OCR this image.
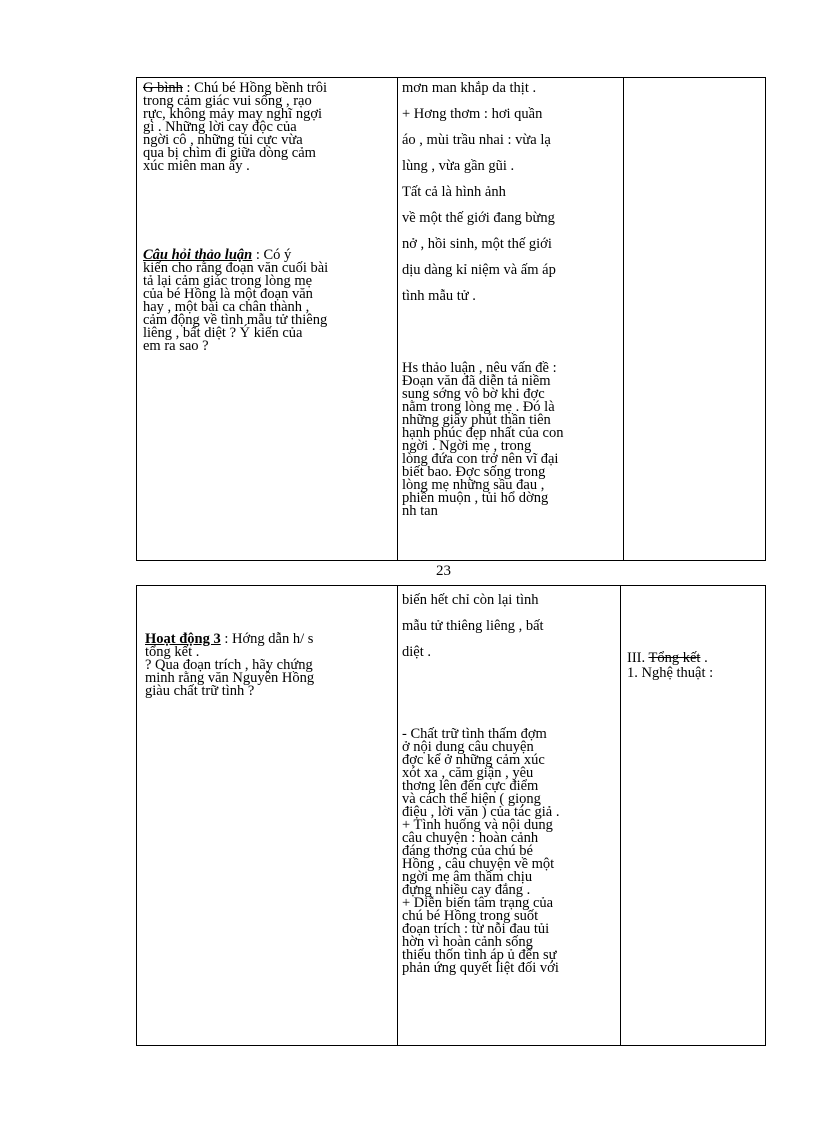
G bình : Chú bé Hồng bềnh trôi
trong cảm giác vui sống , rạo
rực, không mảy may nghĩ ngợi
gì . Những lời cay độc của
ngời cô , những tủi cực vừa
qua bị chìm đi giữa dòng cảm
xúc miên man ấy .
Câu hỏi thảo luận : Có ý
kiến cho rằng đoạn văn cuối bài
tả lại cảm giác trong lòng mẹ
của bé Hồng là một đoạn văn
hay , một bài ca chân thành ,
cảm động về tình mẫu tử thiêng
liêng , bất diệt ? Ý kiến của
em ra sao ?
mơn man khắp da thịt .
+ Hơng thơm : hơi quần
áo , mùi trầu nhai : vừa lạ
lùng , vừa gần gũi .
Tất cả là hình ảnh
về một thế giới đang bừng
nở , hồi sinh, một thế giới
dịu dàng kỉ niệm và ấm áp
tình mẫu tử .
Hs thảo luận , nêu vấn đề :
Đoạn văn đã diễn tả niềm
sung sớng vô bờ khi đợc
nằm trong lòng mẹ . Đó là
những giây phút thần tiên
hạnh phúc đẹp nhất của con
ngời . Ngời mẹ , trong
lòng đứa con trở nên vĩ đại
biết bao. Đợc sống trong
lòng mẹ những sầu đau ,
phiền muộn , tủi hổ dờng
nh tan
23
Hoạt động 3 : Hớng dẫn h/ s
tổng kết .
? Qua đoạn trích , hãy chứng
minh rằng văn Nguyên Hồng
giàu chất trữ tình ?
biến hết chỉ còn lại tình
mẫu tử thiêng liêng , bất
diệt .
- Chất trữ tình thấm đợm
ở nội dung câu chuyện
đợc kể ở những cảm xúc
xót xa , căm giận , yêu
thơng lên đến cực điểm
và cách thể hiện ( giọng
điệu , lời văn ) của tác giả .
+ Tình huống và nội dung
câu chuyện : hoàn cảnh
đáng thơng của chú bé
Hồng , câu chuyện về một
ngời mẹ âm thầm chịu
đựng nhiều cay đắng .
+ Diễn biến tâm trạng của
chú bé Hồng trong suốt
đoạn trích : từ nỗi đau tủi
hờn vì hoàn cảnh sống
thiếu thốn tình áp ủ đến sự
phản ứng quyết liệt đối với
III. Tổng kết .
1. Nghệ thuật :
